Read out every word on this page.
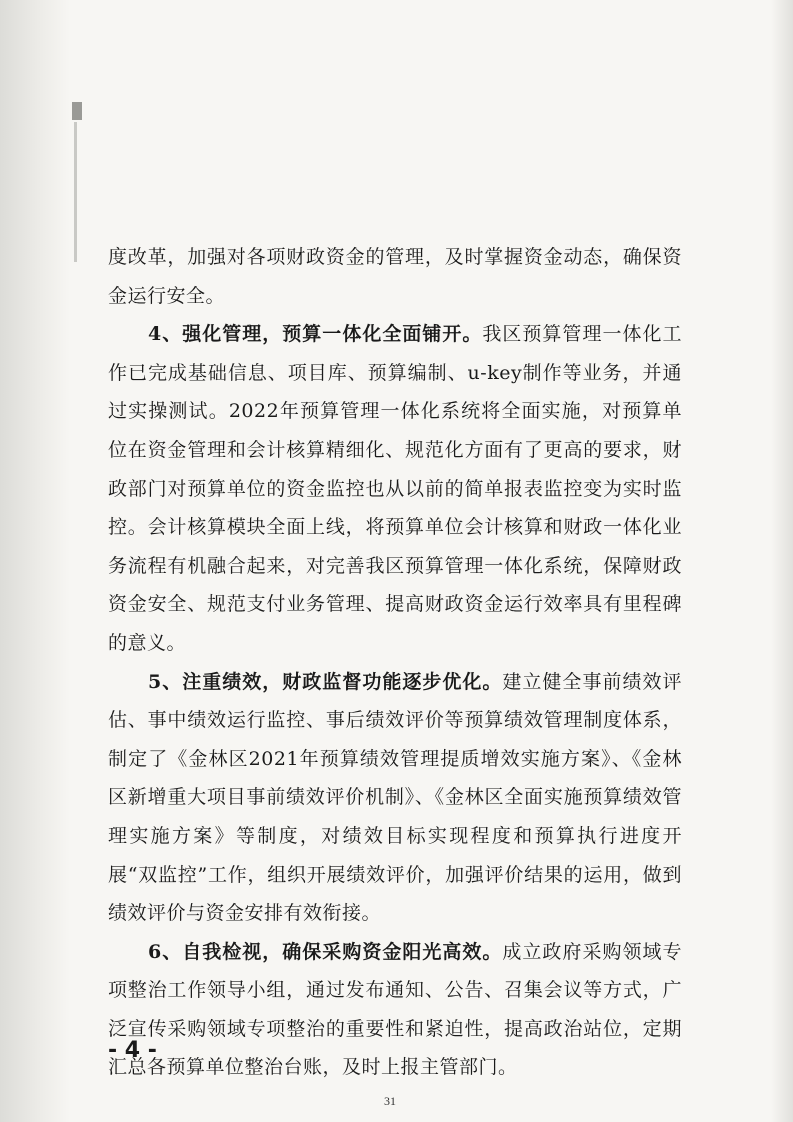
度改革，加强对各项财政资金的管理，及时掌握资金动态，确保资金运行安全。

4、强化管理，预算一体化全面铺开。我区预算管理一体化工作已完成基础信息、项目库、预算编制、u-key制作等业务，并通过实操测试。2022年预算管理一体化系统将全面实施，对预算单位在资金管理和会计核算精细化、规范化方面有了更高的要求，财政部门对预算单位的资金监控也从以前的简单报表监控变为实时监控。会计核算模块全面上线，将预算单位会计核算和财政一体化业务流程有机融合起来，对完善我区预算管理一体化系统，保障财政资金安全、规范支付业务管理、提高财政资金运行效率具有里程碑的意义。

5、注重绩效，财政监督功能逐步优化。建立健全事前绩效评估、事中绩效运行监控、事后绩效评价等预算绩效管理制度体系，制定了《金林区2021年预算绩效管理提质增效实施方案》、《金林区新增重大项目事前绩效评价机制》、《金林区全面实施预算绩效管理实施方案》等制度，对绩效目标实现程度和预算执行进度开展“双监控”工作，组织开展绩效评价，加强评价结果的运用，做到绩效评价与资金安排有效衔接。

6、自我检视，确保采购资金阳光高效。成立政府采购领域专项整治工作领导小组，通过发布通知、公告、召集会议等方式，广泛宣传采购领域专项整治的重要性和紧迫性，提高政治站位，定期汇总各预算单位整治台账，及时上报主管部门。

- 4 -
31
